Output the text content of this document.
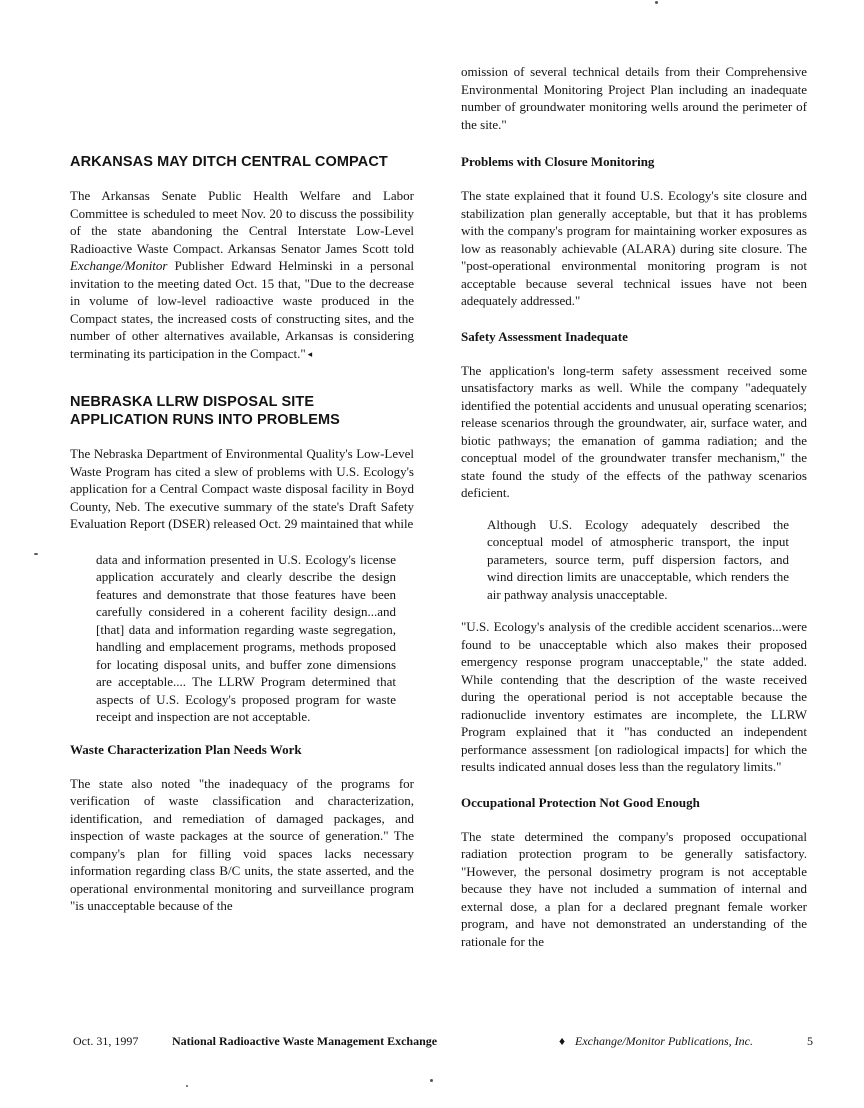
ARKANSAS MAY DITCH CENTRAL COMPACT

The Arkansas Senate Public Health Welfare and Labor Committee is scheduled to meet Nov. 20 to discuss the possibility of the state abandoning the Central Interstate Low-Level Radioactive Waste Compact. Arkansas Senator James Scott told Exchange/Monitor Publisher Edward Helminski in a personal invitation to the meeting dated Oct. 15 that, "Due to the decrease in volume of low-level radioactive waste produced in the Compact states, the increased costs of constructing sites, and the number of other alternatives available, Arkansas is considering terminating its participation in the Compact." ◂

NEBRASKA LLRW DISPOSAL SITE APPLICATION RUNS INTO PROBLEMS

The Nebraska Department of Environmental Quality's Low-Level Waste Program has cited a slew of problems with U.S. Ecology's application for a Central Compact waste disposal facility in Boyd County, Neb. The executive summary of the state's Draft Safety Evaluation Report (DSER) released Oct. 29 maintained that while

data and information presented in U.S. Ecology's license application accurately and clearly describe the design features and demonstrate that those features have been carefully considered in a coherent facility design...and [that] data and information regarding waste segregation, handling and emplacement programs, methods proposed for locating disposal units, and buffer zone dimensions are acceptable.... The LLRW Program determined that aspects of U.S. Ecology's proposed program for waste receipt and inspection are not acceptable.
Waste Characterization Plan Needs Work

The state also noted "the inadequacy of the programs for verification of waste classification and characterization, identification, and remediation of damaged packages, and inspection of waste packages at the source of generation." The company's plan for filling void spaces lacks necessary information regarding class B/C units, the state asserted, and the operational environmental monitoring and surveillance program "is unacceptable because of the

omission of several technical details from their Comprehensive Environmental Monitoring Project Plan including an inadequate number of groundwater monitoring wells around the perimeter of the site."

Problems with Closure Monitoring

The state explained that it found U.S. Ecology's site closure and stabilization plan generally acceptable, but that it has problems with the company's program for maintaining worker exposures as low as reasonably achievable (ALARA) during site closure. The "post-operational environmental monitoring program is not acceptable because several technical issues have not been adequately addressed."

Safety Assessment Inadequate

The application's long-term safety assessment received some unsatisfactory marks as well. While the company "adequately identified the potential accidents and unusual operating scenarios; release scenarios through the groundwater, air, surface water, and biotic pathways; the emanation of gamma radiation; and the conceptual model of the groundwater transfer mechanism," the state found the study of the effects of the pathway scenarios deficient.

Although U.S. Ecology adequately described the conceptual model of atmospheric transport, the input parameters, source term, puff dispersion factors, and wind direction limits are unacceptable, which renders the air pathway analysis unacceptable.

"U.S. Ecology's analysis of the credible accident scenarios...were found to be unacceptable which also makes their proposed emergency response program unacceptable," the state added. While contending that the description of the waste received during the operational period is not acceptable because the radionuclide inventory estimates are incomplete, the LLRW Program explained that it "has conducted an independent performance assessment [on radiological impacts] for which the results indicated annual doses less than the regulatory limits."

Occupational Protection Not Good Enough

The state determined the company's proposed occupational radiation protection program to be generally satisfactory. "However, the personal dosimetry program is not acceptable because they have not included a summation of internal and external dose, a plan for a declared pregnant female worker program, and have not demonstrated an understanding of the rationale for the

Oct. 31, 1997	National Radioactive Waste Management Exchange	♦ Exchange/Monitor Publications, Inc.	5
